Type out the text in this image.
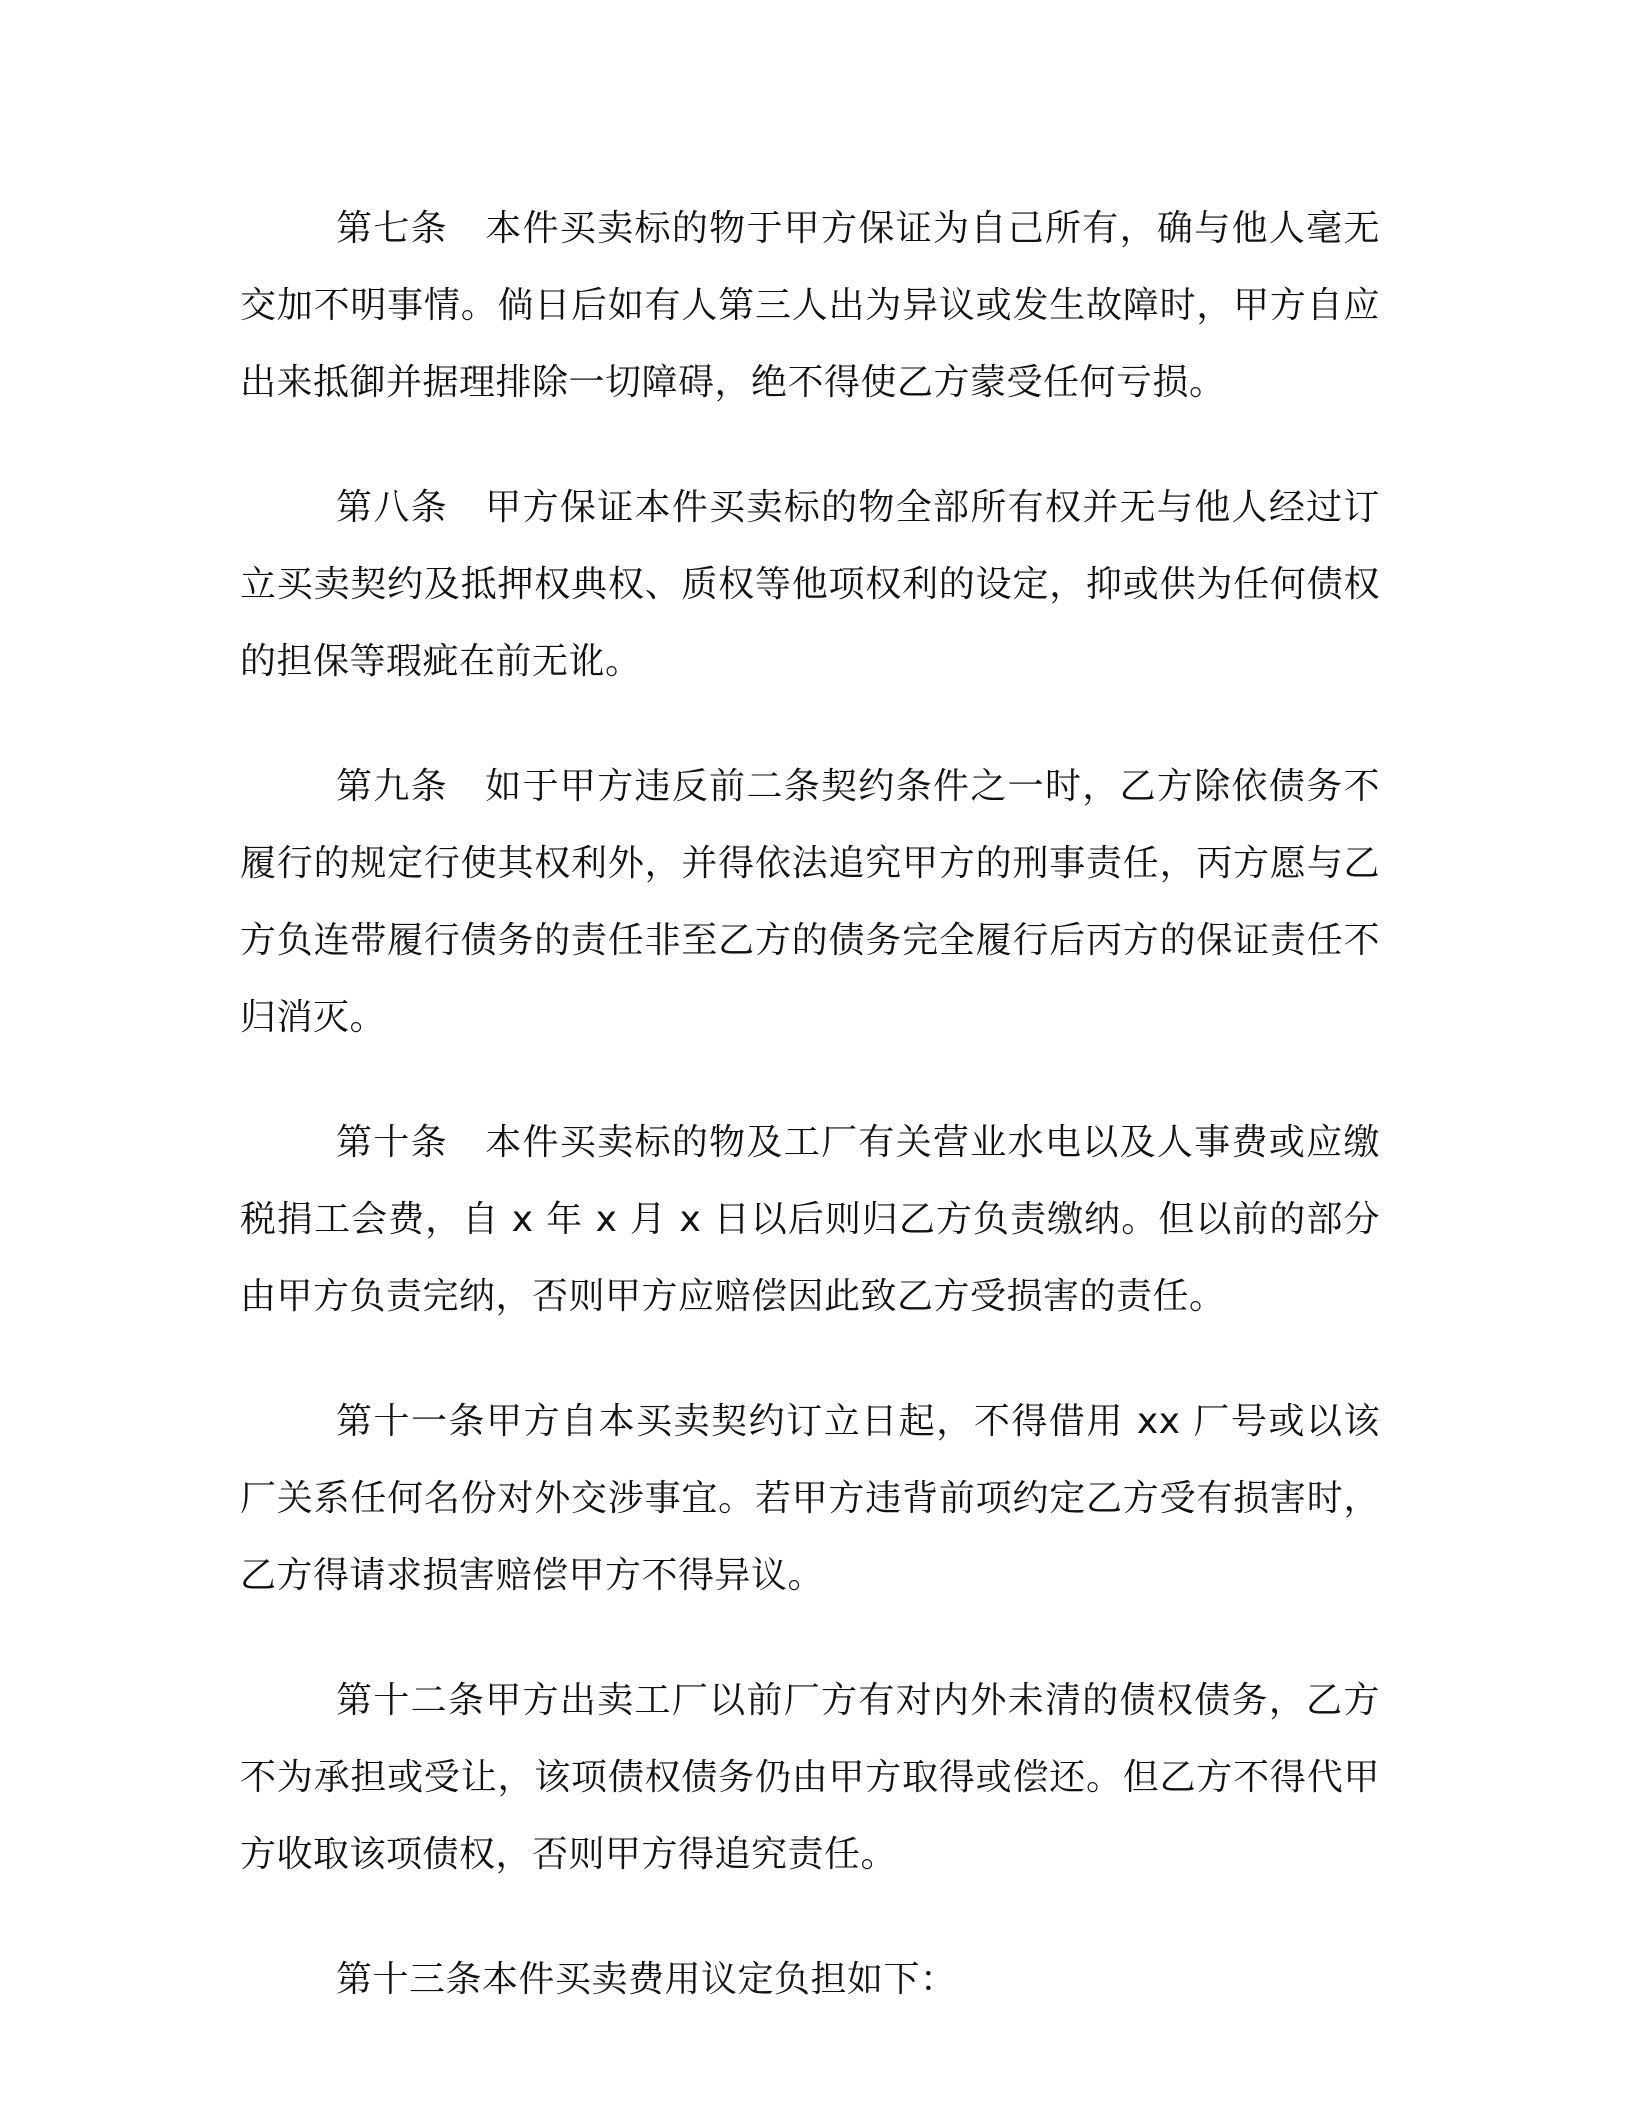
第七条　本件买卖标的物于甲方保证为自己所有，确与他人毫无交加不明事情。倘日后如有人第三人出为异议或发生故障时，甲方自应出来抵御并据理排除一切障碍，绝不得使乙方蒙受任何亏损。

第八条　甲方保证本件买卖标的物全部所有权并无与他人经过订立买卖契约及抵押权典权、质权等他项权利的设定，抑或供为任何债权的担保等瑕疵在前无讹。

第九条　如于甲方违反前二条契约条件之一时，乙方除依债务不履行的规定行使其权利外，并得依法追究甲方的刑事责任，丙方愿与乙方负连带履行债务的责任非至乙方的债务完全履行后丙方的保证责任不归消灭。

第十条　本件买卖标的物及工厂有关营业水电以及人事费或应缴税捐工会费，自 x 年 x 月 x 日以后则归乙方负责缴纳。但以前的部分由甲方负责完纳，否则甲方应赔偿因此致乙方受损害的责任。

第十一条甲方自本买卖契约订立日起，不得借用 xx 厂号或以该厂关系任何名份对外交涉事宜。若甲方违背前项约定乙方受有损害时，乙方得请求损害赔偿甲方不得异议。

第十二条甲方出卖工厂以前厂方有对内外未清的债权债务，乙方不为承担或受让，该项债权债务仍由甲方取得或偿还。但乙方不得代甲方收取该项债权，否则甲方得追究责任。

第十三条本件买卖费用议定负担如下：
